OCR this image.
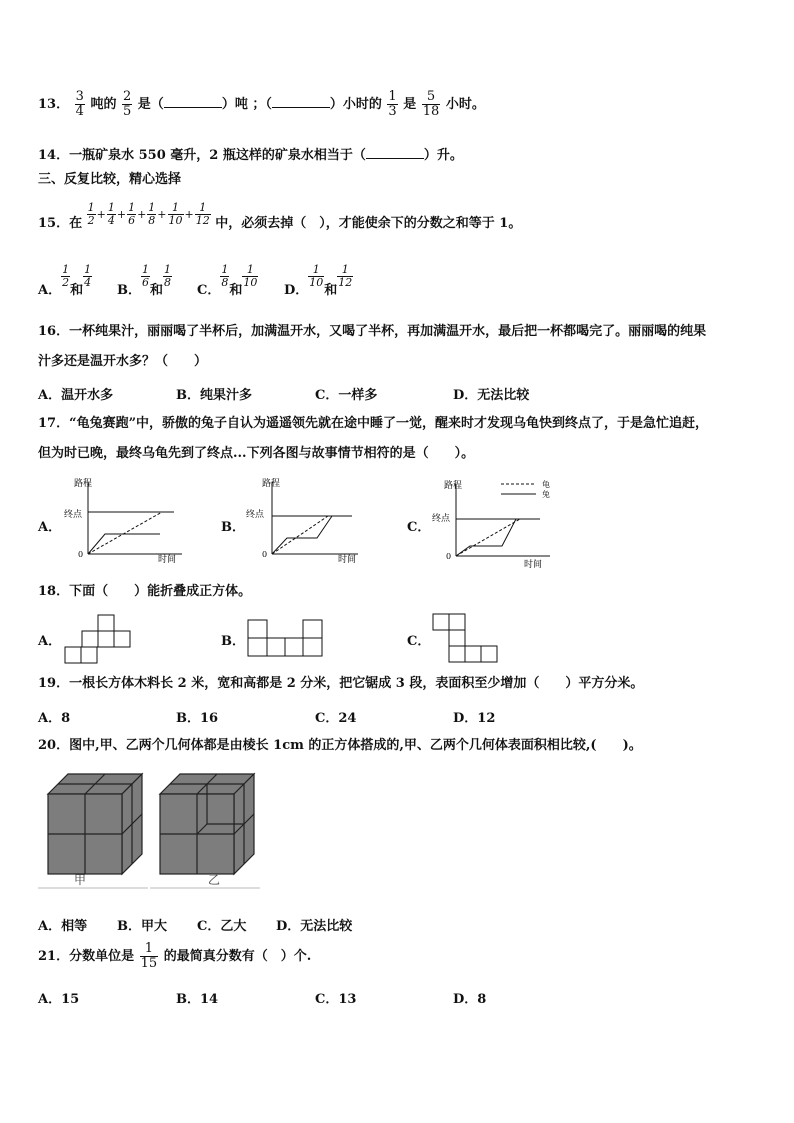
13． $\frac{3}{4}$ 吨的 $\frac{2}{5}$ 是（	）吨 ；（	）小时的 $\frac{1}{3}$ 是 $\frac{5}{18}$ 小时。
14．一瓶矿泉水 550 毫升，2 瓶这样的矿泉水相当于（	）升。
三、反复比较，精心选择
15．在 $\frac{1}{2} + \frac{1}{4} + \frac{1}{6} + \frac{1}{8} + \frac{1}{10} + \frac{1}{12}$ 中，必须去掉（　），才能使余下的分数之和等于 1。
A．
$\frac{1}{2}$
和
$\frac{1}{4}$
B．
$\frac{1}{6}$
和
$\frac{1}{8}$
C．
$\frac{1}{8}$
和
$\frac{1}{10}$
D．
$\frac{1}{10}$
和
$\frac{1}{12}$
16．一杯纯果汁，丽丽喝了半杯后，加满温开水，又喝了半杯，再加满温开水，最后把一杯都喝完了。丽丽喝的纯果
汁多还是温开水多？（　　）
A．温开水多	B．纯果汁多	C．一样多	D．无法比较
17．“龟兔赛跑”中，骄傲的兔子自认为遥遥领先就在途中睡了一觉，醒来时才发现乌龟快到终点了，于是急忙追赶，
但为时已晚，最终乌龟先到了终点...下列各图与故事情节相符的是（　　）。
A．	B．	C．
路程
终点
0
时间
路程
终点
0
时间
路程
终点
0
时间
龟
兔
18．下面（　　）能折叠成正方体。
A．	B．	C．
19．一根长方体木料长 2 米，宽和高都是 2 分米，把它锯成 3 段，表面积至少增加（　　）平方分米。
A．8	B．16	C．24	D．12
20．图中,甲、乙两个几何体都是由棱长 1cm 的正方体搭成的,甲、乙两个几何体表面积相比较,(　　)。
甲	乙
A．相等 B．甲大 C．乙大 D．无法比较
21．分数单位是 $\frac{1}{15}$ 的最简真分数有（　）个.
A．15	B．14	C．13	D．8
